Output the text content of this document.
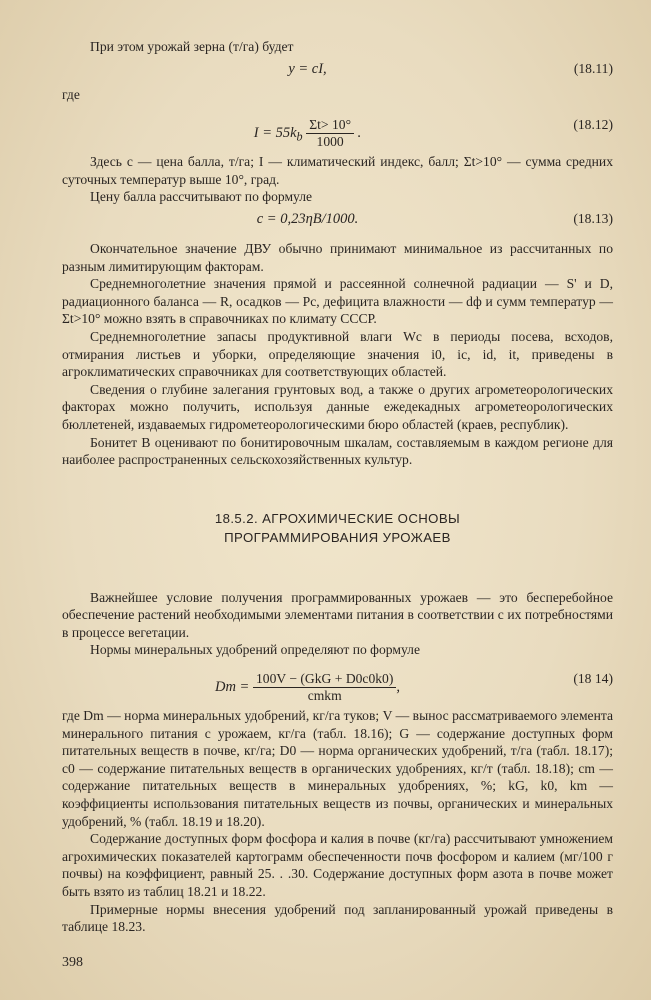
При этом урожай зерна (т/га) будет

y = cI,	(18.11)

где

$I = 55k_b \frac{\Sigma t> 10^\circ}{1000}$ .
(18.12)

Здесь c — цена балла, т/га; I — климатический индекс, балл; Σt>10° — сумма средних суточных температур выше 10°, град.

Цену балла рассчитывают по формуле

c = 0,23ηB/1000.	(18.13)

Окончательное значение ДВУ обычно принимают минимальное из рассчитанных по разным лимитирующим факторам.

Среднемноголетние значения прямой и рассеянной солнечной радиации — S' и D, радиационного баланса — R, осадков — Pc, дефицита влажности — dф и сумм температур — Σt>10° можно взять в справочниках по климату СССР.

Среднемноголетние запасы продуктивной влаги Wc в периоды посева, всходов, отмирания листьев и уборки, определяющие значения i0, ic, id, it, приведены в агроклиматических справочниках для соответствующих областей.

Сведения о глубине залегания грунтовых вод, а также о других агрометеорологических факторах можно получить, используя данные ежедекадных агрометеорологических бюллетеней, издаваемых гидрометеорологическими бюро областей (краев, республик).

Бонитет B оценивают по бонитировочным шкалам, составляемым в каждом регионе для наиболее распространенных сельскохозяйственных культур.

18.5.2. АГРОХИМИЧЕСКИЕ ОСНОВЫ
ПРОГРАММИРОВАНИЯ УРОЖАЕВ

Важнейшее условие получения программированных урожаев — это бесперебойное обеспечение растений необходимыми элементами питания в соответствии с их потребностями в процессе вегетации.

Нормы минеральных удобрений определяют по формуле

$Dm = \frac{\text{100V − (GkG + D0c0k0)}}{\text{cmkm}}$ ,
(18 14)

где Dm — норма минеральных удобрений, кг/га туков; V — вынос рассматриваемого элемента минерального питания с урожаем, кг/га (табл. 18.16); G — содержание доступных форм питательных веществ в почве, кг/га; D0 — норма органических удобрений, т/га (табл. 18.17); c0 — содержание питательных веществ в органических удобрениях, кг/т (табл. 18.18); cm — содержание питательных веществ в минеральных удобрениях, %; kG, k0, km — коэффициенты использования питательных веществ из почвы, органических и минеральных удобрений, % (табл. 18.19 и 18.20).

Содержание доступных форм фосфора и калия в почве (кг/га) рассчитывают умножением агрохимических показателей картограмм обеспеченности почв фосфором и калием (мг/100 г почвы) на коэффициент, равный 25. . .30. Содержание доступных форм азота в почве может быть взято из таблиц 18.21 и 18.22.

Примерные нормы внесения удобрений под запланированный урожай приведены в таблице 18.23.

398
